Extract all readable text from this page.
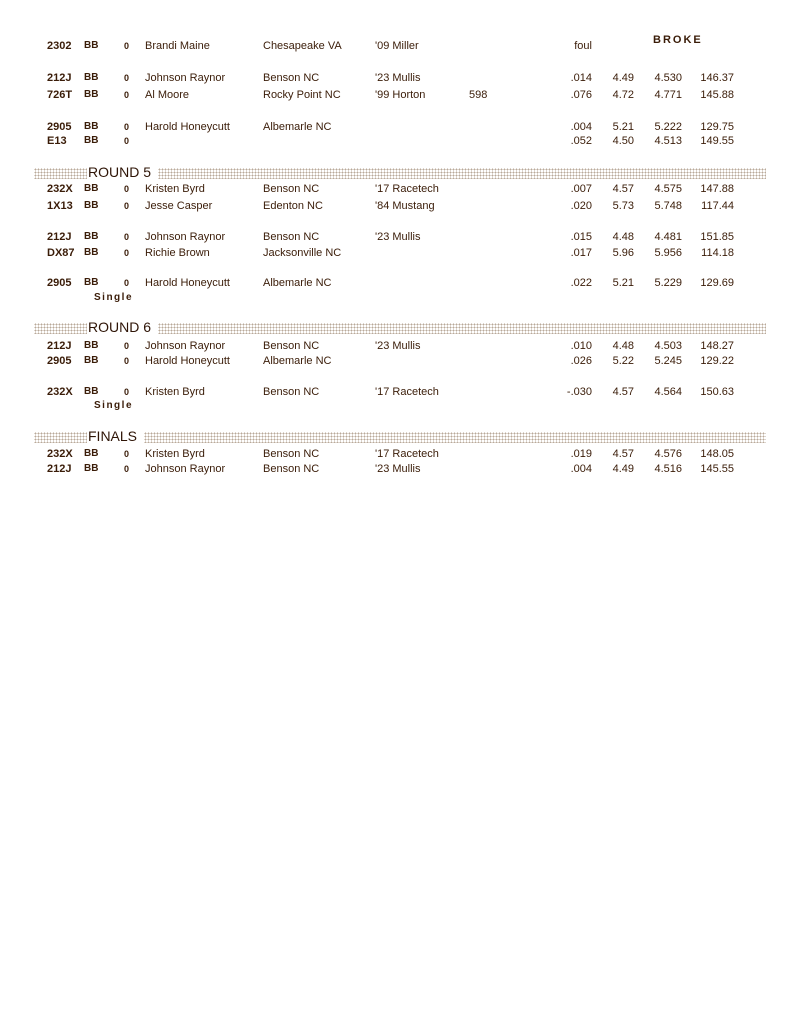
2302 BB	0 Brandi Maine	Chesapeake VA	'09 Miller	foul	BROKE
212J BB	0 Johnson Raynor	Benson NC	'23 Mullis	.014	4.49	4.530	146.37
726T BB	0 Al Moore	Rocky Point NC	'99 Horton	598	.076	4.72	4.771	145.88
2905 BB	0 Harold Honeycutt	Albemarle NC	.004	5.21	5.222	129.75
E13 BB	0	.052	4.50	4.513	149.55
ROUND 5
232X BB	0 Kristen Byrd	Benson NC	'17 Racetech	.007	4.57	4.575	147.88
1X13 BB	0 Jesse Casper	Edenton NC	'84 Mustang	.020	5.73	5.748	117.44
212J BB	0 Johnson Raynor	Benson NC	'23 Mullis	.015	4.48	4.481	151.85
DX87 BB	0 Richie Brown	Jacksonville NC	.017	5.96	5.956	114.18
2905 BB	0 Harold Honeycutt	Albemarle NC	.022	5.21	5.229	129.69
Single
ROUND 6
212J BB	0 Johnson Raynor	Benson NC	'23 Mullis	.010	4.48	4.503	148.27
2905 BB	0 Harold Honeycutt	Albemarle NC	.026	5.22	5.245	129.22
232X BB	0 Kristen Byrd	Benson NC	'17 Racetech	-.030	4.57	4.564	150.63
Single
FINALS
232X BB	0 Kristen Byrd	Benson NC	'17 Racetech	.019	4.57	4.576	148.05
212J BB	0 Johnson Raynor	Benson NC	'23 Mullis	.004	4.49	4.516	145.55
